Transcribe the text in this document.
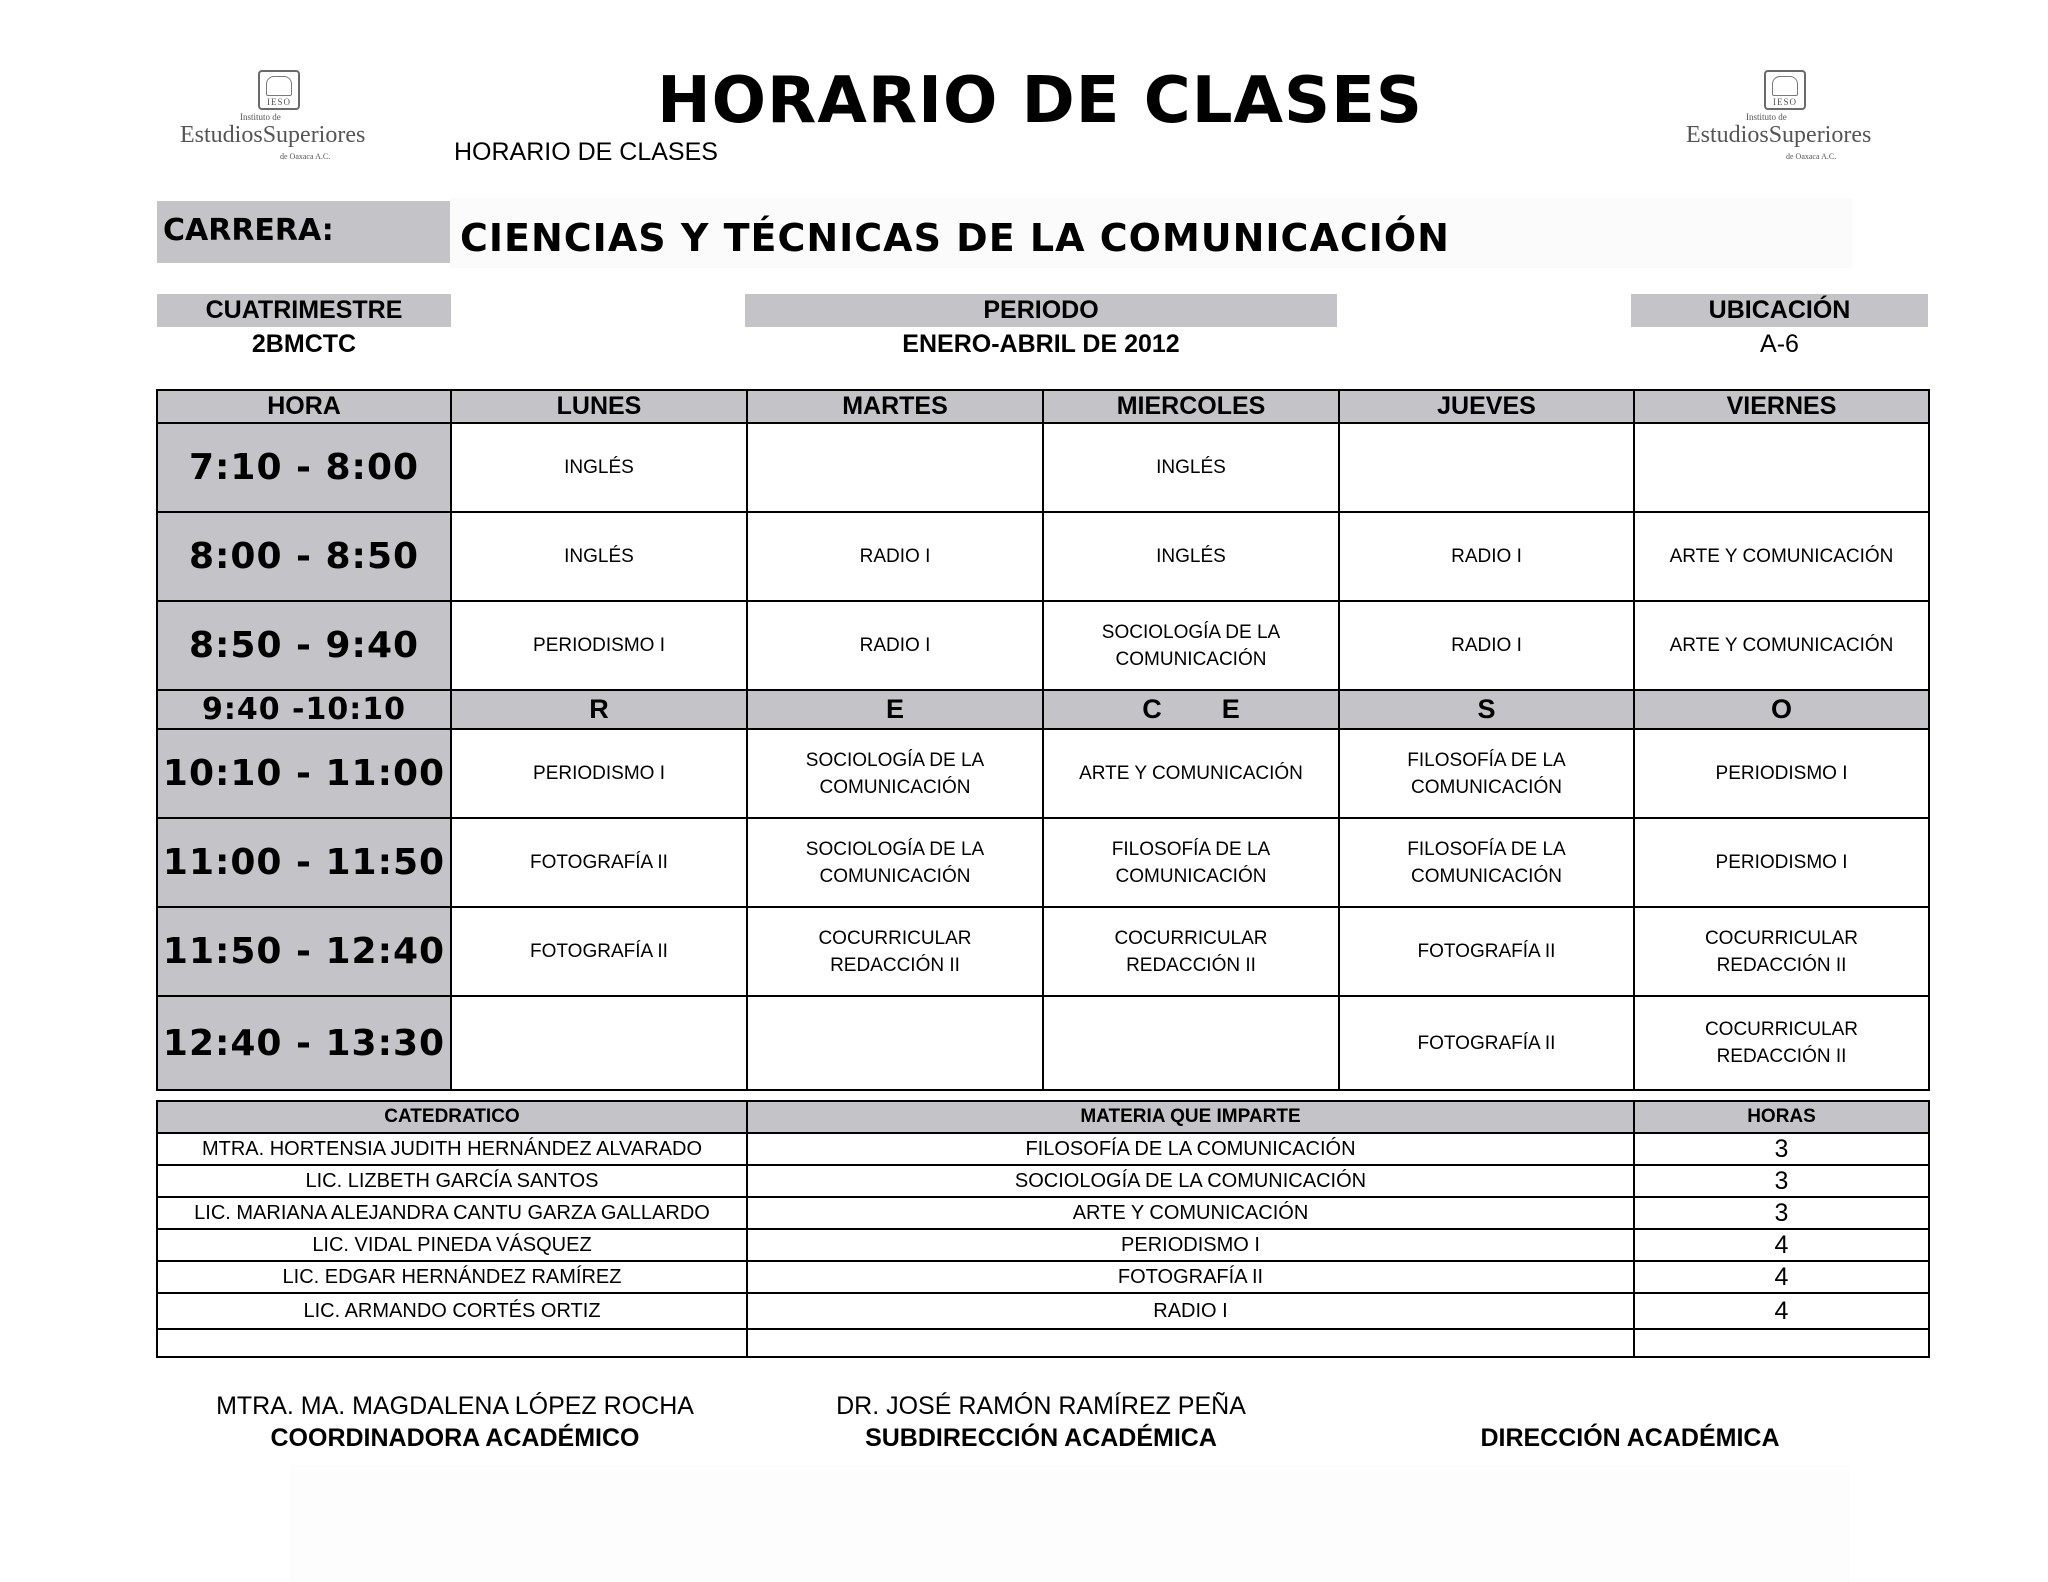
IESO
Instituto de
EstudiosSuperiores
de Oaxaca A.C.
IESO
Instituto de
EstudiosSuperiores
de Oaxaca A.C.
HORARIO DE CLASES
HORARIO DE CLASES
CARRERA:	CIENCIAS Y TÉCNICAS DE LA COMUNICACIÓN
CUATRIMESTRE
2BMCTC
PERIODO
ENERO-ABRIL DE 2012
UBICACIÓN
A-6
HORA	LUNES	MARTES	MIERCOLES	JUEVES	VIERNES
7:10 - 8:00	INGLÉS		INGLÉS		
8:00 - 8:50	INGLÉS	RADIO I	INGLÉS	RADIO I	ARTE Y COMUNICACIÓN
8:50 - 9:40	PERIODISMO I	RADIO I	SOCIOLOGÍA DE LA COMUNICACIÓN	RADIO I	ARTE Y COMUNICACIÓN
9:40 -10:10	R	E	C        E	S	O
10:10 - 11:00	PERIODISMO I	SOCIOLOGÍA DE LA COMUNICACIÓN	ARTE Y COMUNICACIÓN	FILOSOFÍA DE LA COMUNICACIÓN	PERIODISMO I
11:00 - 11:50	FOTOGRAFÍA II	SOCIOLOGÍA DE LA COMUNICACIÓN	FILOSOFÍA DE LA COMUNICACIÓN	FILOSOFÍA DE LA COMUNICACIÓN	PERIODISMO I
11:50 - 12:40	FOTOGRAFÍA II	COCURRICULAR REDACCIÓN II	COCURRICULAR REDACCIÓN II	FOTOGRAFÍA II	COCURRICULAR REDACCIÓN II
12:40 - 13:30				FOTOGRAFÍA II	COCURRICULAR REDACCIÓN II
CATEDRATICO	MATERIA QUE IMPARTE	HORAS
MTRA. HORTENSIA JUDITH HERNÁNDEZ ALVARADO	FILOSOFÍA DE LA COMUNICACIÓN	3
LIC. LIZBETH GARCÍA SANTOS	SOCIOLOGÍA DE LA COMUNICACIÓN	3
LIC. MARIANA ALEJANDRA CANTU GARZA GALLARDO	ARTE Y COMUNICACIÓN	3
LIC. VIDAL PINEDA VÁSQUEZ	PERIODISMO I	4
LIC. EDGAR HERNÁNDEZ RAMÍREZ	FOTOGRAFÍA II	4
LIC. ARMANDO CORTÉS ORTIZ	RADIO I	4

MTRA. MA. MAGDALENA LÓPEZ ROCHA
COORDINADORA ACADÉMICO
DR. JOSÉ RAMÓN RAMÍREZ PEÑA
SUBDIRECCIÓN ACADÉMICA	DIRECCIÓN ACADÉMICA
